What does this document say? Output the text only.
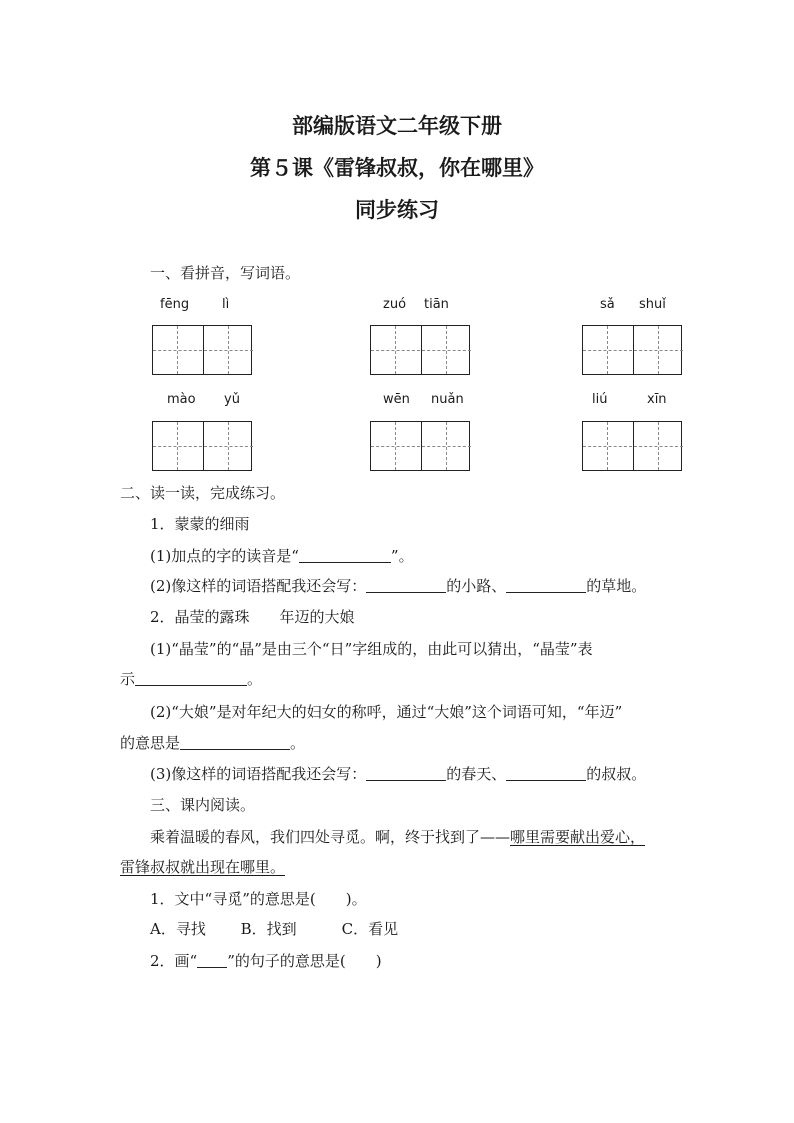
部编版语文二年级下册
第５课《雷锋叔叔，你在哪里》
同步练习
一、看拼音，写词语。
fēng	lì	zuó tiān	sǎ shuǐ
mào yǔ	wēn nuǎn	liú	xīn
二、读一读，完成练习。
1．蒙蒙的细雨
(1)加点的字的读音是“	”。
(2)像这样的词语搭配我还会写：	的小路、	的草地。
2．晶莹的露珠　　年迈的大娘
(1)“晶莹”的“晶”是由三个“日”字组成的，由此可以猜出，“晶莹”表
示	。
(2)“大娘”是对年纪大的妇女的称呼，通过“大娘”这个词语可知，“年迈”
的意思是	。
(3)像这样的词语搭配我还会写：	的春天、	的叔叔。
三、课内阅读。
乘着温暖的春风，我们四处寻觅。啊，终于找到了——哪里需要献出爱心，
雷锋叔叔就出现在哪里。
1．文中“寻觅”的意思是(　　)。
A．寻找　　 B．找到　　　C．看见
2．画“ ”的句子的意思是(　　)
